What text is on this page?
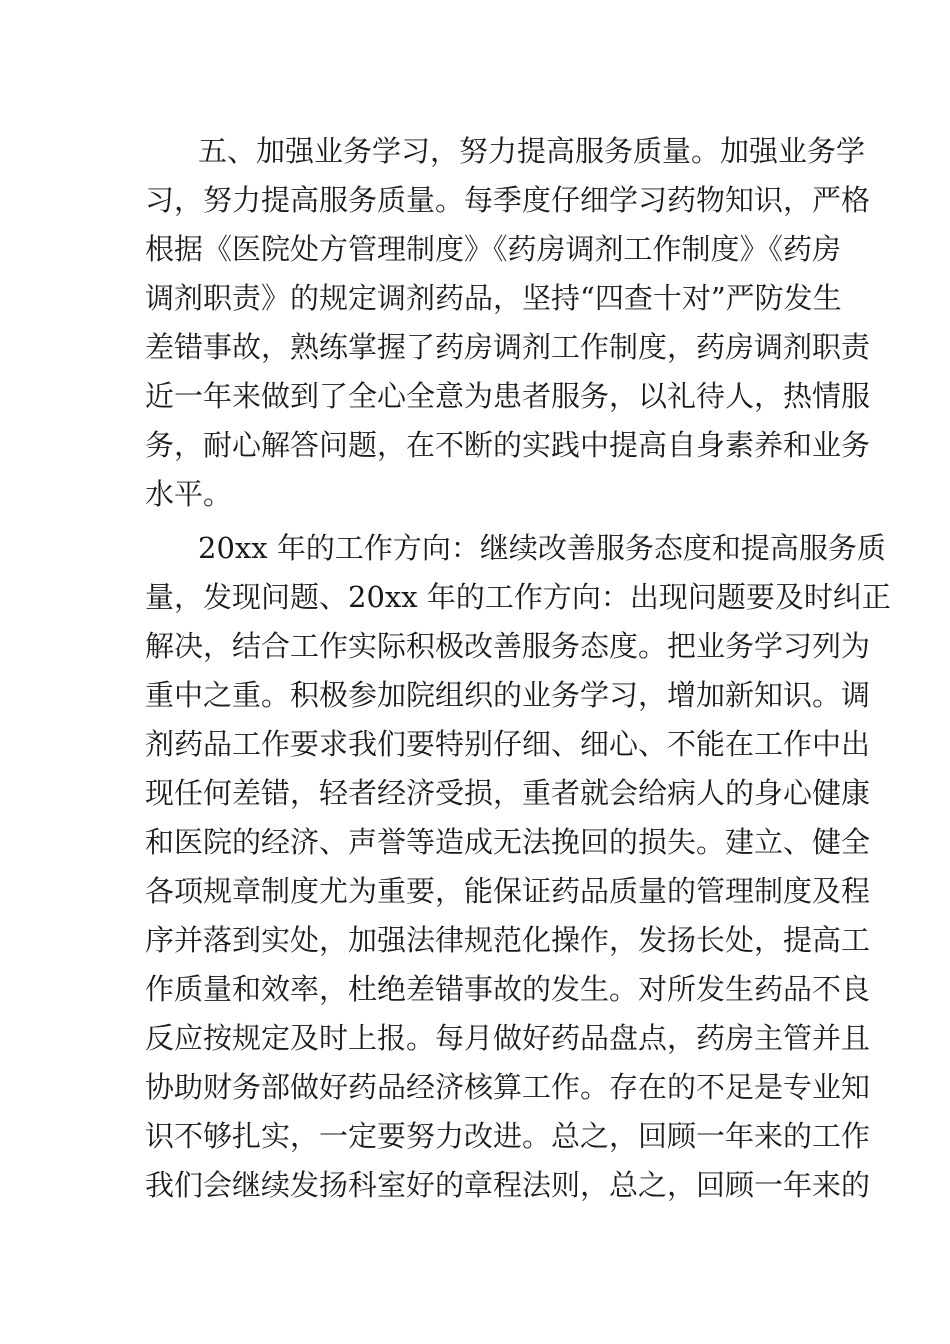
五、加强业务学习，努力提高服务质量。加强业务学
习，努力提高服务质量。每季度仔细学习药物知识，严格
根据《医院处方管理制度》《药房调剂工作制度》《药房
调剂职责》的规定调剂药品，坚持“四查十对”严防发生
差错事故，熟练掌握了药房调剂工作制度，药房调剂职责
近一年来做到了全心全意为患者服务，以礼待人，热情服
务，耐心解答问题，在不断的实践中提高自身素养和业务
水平。
20xx 年的工作方向：继续改善服务态度和提高服务质
量，发现问题、20xx 年的工作方向：出现问题要及时纠正
解决，结合工作实际积极改善服务态度。把业务学习列为
重中之重。积极参加院组织的业务学习，增加新知识。调
剂药品工作要求我们要特别仔细、细心、不能在工作中出
现任何差错，轻者经济受损，重者就会给病人的身心健康
和医院的经济、声誉等造成无法挽回的损失。建立、健全
各项规章制度尤为重要，能保证药品质量的管理制度及程
序并落到实处，加强法律规范化操作，发扬长处，提高工
作质量和效率，杜绝差错事故的发生。对所发生药品不良
反应按规定及时上报。每月做好药品盘点，药房主管并且
协助财务部做好药品经济核算工作。存在的不足是专业知
识不够扎实，一定要努力改进。总之，回顾一年来的工作
我们会继续发扬科室好的章程法则，总之，回顾一年来的
